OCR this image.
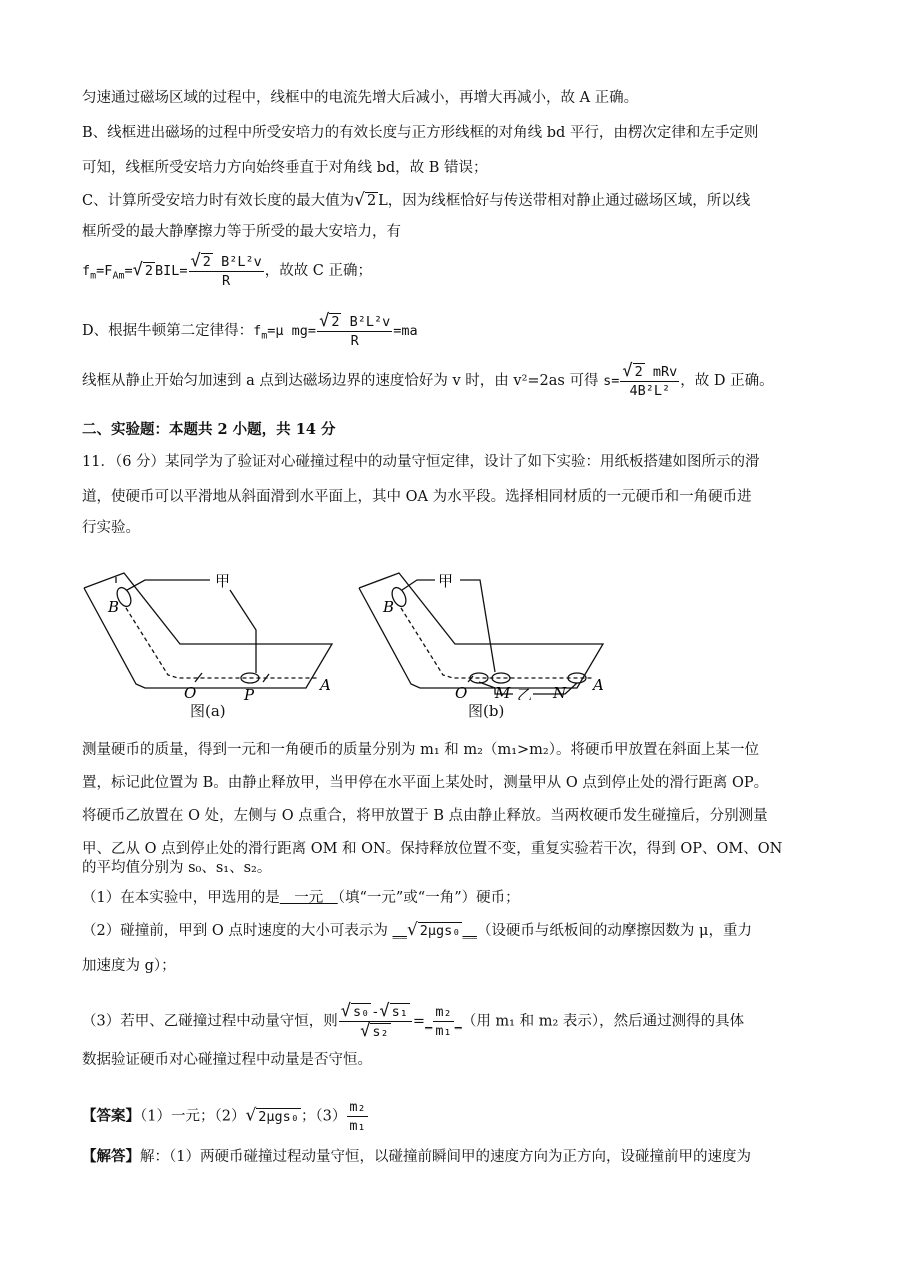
匀速通过磁场区域的过程中，线框中的电流先增大后减小，再增大再减小，故 A 正确。
B、线框进出磁场的过程中所受安培力的有效长度与正方形线框的对角线 bd 平行，由楞次定律和左手定则
可知，线框所受安培力方向始终垂直于对角线 bd，故 B 错误；
C、计算所受安培力时有效长度的最大值为√ 2 L，因为线框恰好与传送带相对静止通过磁场区域，所以线
框所受的最大静摩擦力等于所受的最大安培力，有
$f_m=F_{Am}=√$ 2 $BIL= \frac{\text{√ 2 B²L²v}}{R}$ ，故故 C 正确；
D、根据牛顿第二定律得：$f_m=\mu$ $mg= \frac{\text{√ 2 B²L²v}}{R} =ma$
线框从静止开始匀加速到 a 点到达磁场边界的速度恰好为 v 时，由 v²=2as 可得 $s= \frac{\text{√ 2 mRv}}{\text{4B²L²}}$ ，故 D 正确。
二、实验题：本题共 2 小题，共 14 分
11．（6 分）某同学为了验证对心碰撞过程中的动量守恒定律，设计了如下实验：用纸板搭建如图所示的滑
道，使硬币可以平滑地从斜面滑到水平面上，其中 OA 为水平段。选择相同材质的一元硬币和一角硬币进
行实验。
甲
B
O	P
A
图(a)
甲
B
O M	N A
乙
图(b)
测量硬币的质量，得到一元和一角硬币的质量分别为 m₁ 和 m₂（m₁>m₂）。将硬币甲放置在斜面上某一位
置，标记此位置为 B。由静止释放甲，当甲停在水平面上某处时，测量甲从 O 点到停止处的滑行距离 OP。
将硬币乙放置在 O 处，左侧与 O 点重合，将甲放置于 B 点由静止释放。当两枚硬币发生碰撞后，分别测量
甲、乙从 O 点到停止处的滑行距离 OM 和 ON。保持释放位置不变，重复实验若干次，得到 OP、OM、ON
的平均值分别为 s₀、s₁、s₂。
（1）在本实验中，甲选用的是　一元　（填“一元”或“一角”）硬币；
（2）碰撞前，甲到 O 点时速度的大小可表示为 __√ 2μgs₀ __（设硬币与纸板间的动摩擦因数为 μ，重力
加速度为 g）；
（3）若甲、乙碰撞过程中动量守恒，则 $\frac{\text{√ s₀ -√ s₁}}{\text{√ s₂}}$ =_ $\frac{\text{m₂}}{\text{m₁}}$ _（用 m₁ 和 m₂ 表示），然后通过测得的具体
数据验证硬币对心碰撞过程中动量是否守恒。
【答案】（1）一元；（2）√ 2μgs₀ ；$(3) \frac{\text{m₂}}{\text{m₁}}$
【解答】解：（1）两硬币碰撞过程动量守恒，以碰撞前瞬间甲的速度方向为正方向，设碰撞前甲的速度为
